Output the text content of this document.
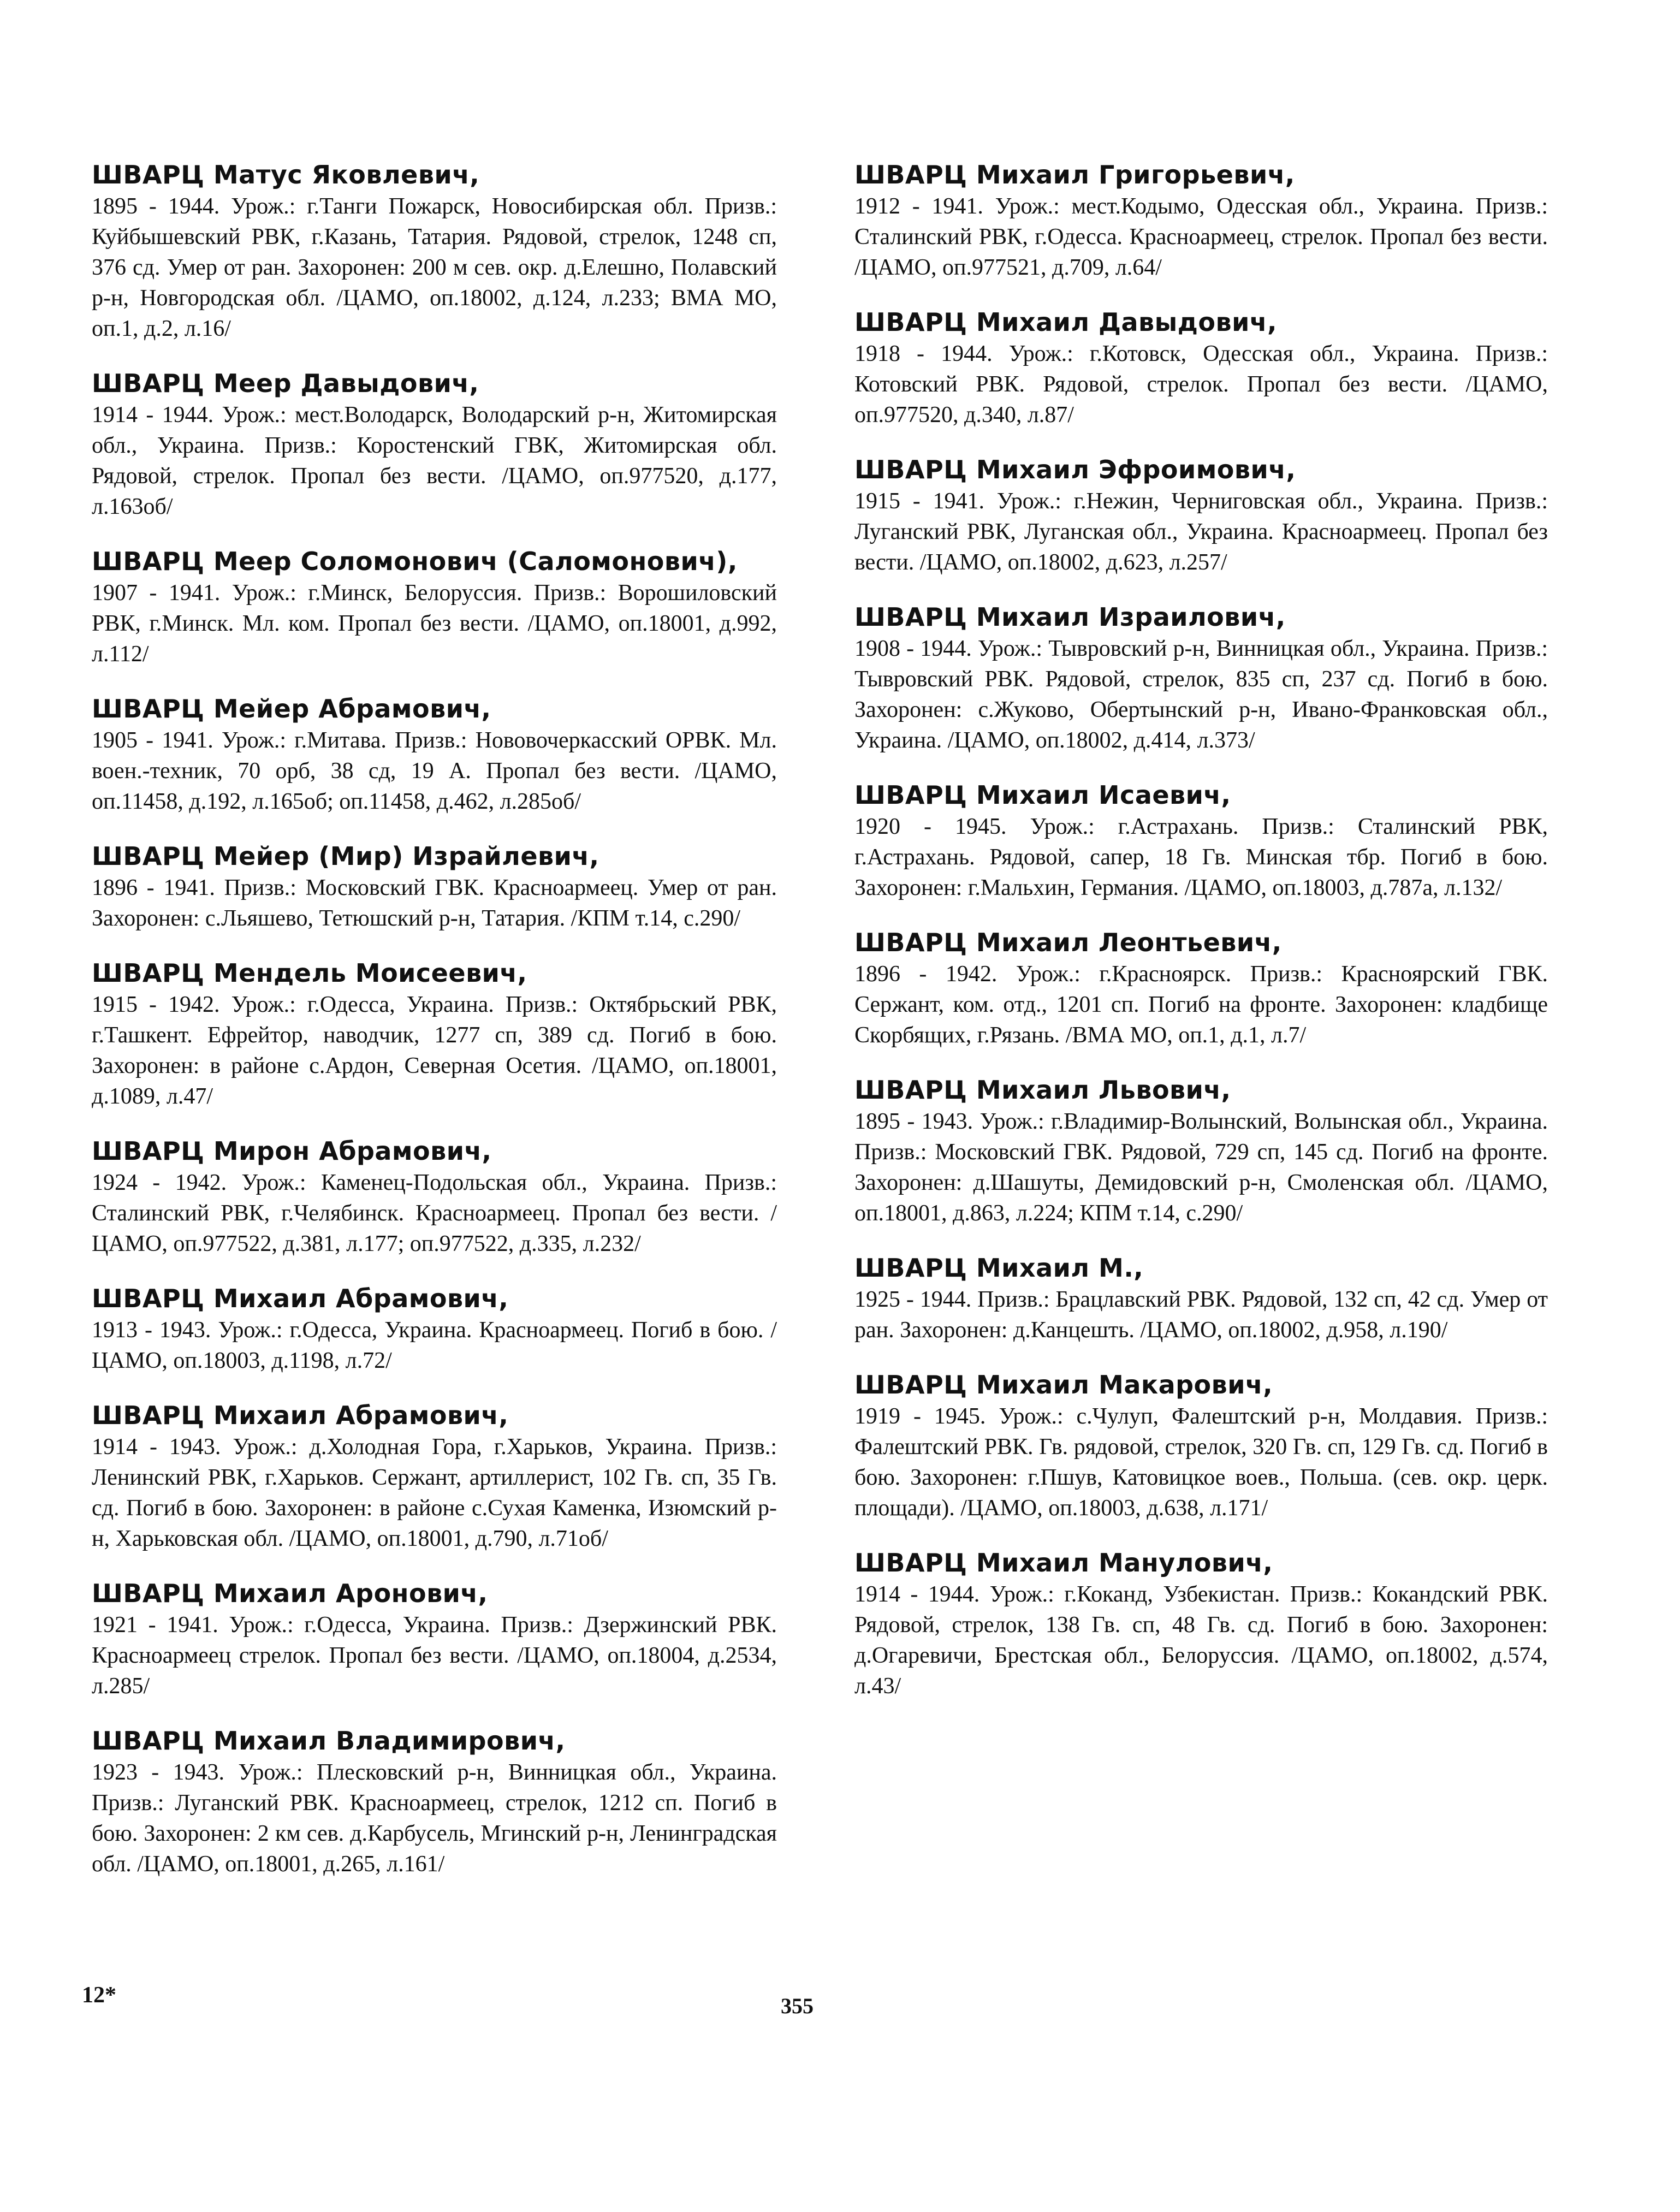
ШВАРЦ Матус Яковлевич,

1895 - 1944. Урож.: г.Танги Пожарск, Новосибирская обл. Призв.: Куйбышевский РВК, г.Казань, Татария. Рядовой, стрелок, 1248 сп, 376 сд. Умер от ран. Захоронен: 200 м сев. окр. д.Елешно, Полавский р-н, Новгородская обл. /ЦАМО, оп.18002, д.124, л.233; ВМА МО, оп.1, д.2, л.16/

ШВАРЦ Меер Давыдович,

1914 - 1944. Урож.: мест.Володарск, Володарский р-н, Житомирская обл., Украина. Призв.: Коростенский ГВК, Житомирская обл. Рядовой, стрелок. Пропал без вести. /ЦАМО, оп.977520, д.177, л.163об/

ШВАРЦ Меер Соломонович (Саломонович),

1907 - 1941. Урож.: г.Минск, Белоруссия. Призв.: Ворошиловский РВК, г.Минск. Мл. ком. Пропал без вести. /ЦАМО, оп.18001, д.992, л.112/

ШВАРЦ Мейер Абрамович,

1905 - 1941. Урож.: г.Митава. Призв.: Нововочеркасский ОРВК. Мл. воен.-техник, 70 орб, 38 сд, 19 А. Пропал без вести. /ЦАМО, оп.11458, д.192, л.165об; оп.11458, д.462, л.285об/

ШВАРЦ Мейер (Мир) Израйлевич,

1896 - 1941. Призв.: Московский ГВК. Красноармеец. Умер от ран. Захоронен: с.Льяшево, Тетюшский р-н, Татария. /КПМ т.14, с.290/

ШВАРЦ Мендель Моисеевич,

1915 - 1942. Урож.: г.Одесса, Украина. Призв.: Октябрьский РВК, г.Ташкент. Ефрейтор, наводчик, 1277 сп, 389 сд. Погиб в бою. Захоронен: в районе с.Ардон, Северная Осетия. /ЦАМО, оп.18001, д.1089, л.47/

ШВАРЦ Мирон Абрамович,

1924 - 1942. Урож.: Каменец-Подольская обл., Украина. Призв.: Сталинский РВК, г.Челябинск. Красноармеец. Пропал без вести. /ЦАМО, оп.977522, д.381, л.177; оп.977522, д.335, л.232/

ШВАРЦ Михаил Абрамович,

1913 - 1943. Урож.: г.Одесса, Украина. Красноармеец. Погиб в бою. /ЦАМО, оп.18003, д.1198, л.72/

ШВАРЦ Михаил Абрамович,

1914 - 1943. Урож.: д.Холодная Гора, г.Харьков, Украина. Призв.: Ленинский РВК, г.Харьков. Сержант, артиллерист, 102 Гв. сп, 35 Гв. сд. Погиб в бою. Захоронен: в районе с.Сухая Каменка, Изюмский р-н, Харьковская обл. /ЦАМО, оп.18001, д.790, л.71об/

ШВАРЦ Михаил Аронович,

1921 - 1941. Урож.: г.Одесса, Украина. Призв.: Дзержинский РВК. Красноармеец стрелок. Пропал без вести. /ЦАМО, оп.18004, д.2534, л.285/

ШВАРЦ Михаил Владимирович,

1923 - 1943. Урож.: Плесковский р-н, Винницкая обл., Украина. Призв.: Луганский РВК. Красноармеец, стрелок, 1212 сп. Погиб в бою. Захоронен: 2 км сев. д.Карбусель, Мгинский р-н, Ленинградская обл. /ЦАМО, оп.18001, д.265, л.161/

ШВАРЦ Михаил Григорьевич,

1912 - 1941. Урож.: мест.Кодымо, Одесская обл., Украина. Призв.: Сталинский РВК, г.Одесса. Красноармеец, стрелок. Пропал без вести. /ЦАМО, оп.977521, д.709, л.64/

ШВАРЦ Михаил Давыдович,

1918 - 1944. Урож.: г.Котовск, Одесская обл., Украина. Призв.: Котовский РВК. Рядовой, стрелок. Пропал без вести. /ЦАМО, оп.977520, д.340, л.87/

ШВАРЦ Михаил Эфроимович,

1915 - 1941. Урож.: г.Нежин, Черниговская обл., Украина. Призв.: Луганский РВК, Луганская обл., Украина. Красноармеец. Пропал без вести. /ЦАМО, оп.18002, д.623, л.257/

ШВАРЦ Михаил Израилович,

1908 - 1944. Урож.: Тывровский р-н, Винницкая обл., Украина. Призв.: Тывровский РВК. Рядовой, стрелок, 835 сп, 237 сд. Погиб в бою. Захоронен: с.Жуково, Обертынский р-н, Ивано-Франковская обл., Украина. /ЦАМО, оп.18002, д.414, л.373/

ШВАРЦ Михаил Исаевич,

1920 - 1945. Урож.: г.Астрахань. Призв.: Сталинский РВК, г.Астрахань. Рядовой, сапер, 18 Гв. Минская тбр. Погиб в бою. Захоронен: г.Мальхин, Германия. /ЦАМО, оп.18003, д.787а, л.132/

ШВАРЦ Михаил Леонтьевич,

1896 - 1942. Урож.: г.Красноярск. Призв.: Красноярский ГВК. Сержант, ком. отд., 1201 сп. Погиб на фронте. Захоронен: кладбище Скорбящих, г.Рязань. /ВМА МО, оп.1, д.1, л.7/

ШВАРЦ Михаил Львович,

1895 - 1943. Урож.: г.Владимир-Волынский, Волынская обл., Украина. Призв.: Московский ГВК. Рядовой, 729 сп, 145 сд. Погиб на фронте. Захоронен: д.Шашуты, Демидовский р-н, Смоленская обл. /ЦАМО, оп.18001, д.863, л.224; КПМ т.14, с.290/

ШВАРЦ Михаил М.,

1925 - 1944. Призв.: Брацлавский РВК. Рядовой, 132 сп, 42 сд. Умер от ран. Захоронен: д.Канцешть. /ЦАМО, оп.18002, д.958, л.190/

ШВАРЦ Михаил Макарович,

1919 - 1945. Урож.: с.Чулуп, Фалештский р-н, Молдавия. Призв.: Фалештский РВК. Гв. рядовой, стрелок, 320 Гв. сп, 129 Гв. сд. Погиб в бою. Захоронен: г.Пшув, Катовицкое воев., Польша. (сев. окр. церк. площади). /ЦАМО, оп.18003, д.638, л.171/

ШВАРЦ Михаил Манулович,

1914 - 1944. Урож.: г.Коканд, Узбекистан. Призв.: Кокандский РВК. Рядовой, стрелок, 138 Гв. сп, 48 Гв. сд. Погиб в бою. Захоронен: д.Огаревичи, Брестская обл., Белоруссия. /ЦАМО, оп.18002, д.574, л.43/

12*	355
